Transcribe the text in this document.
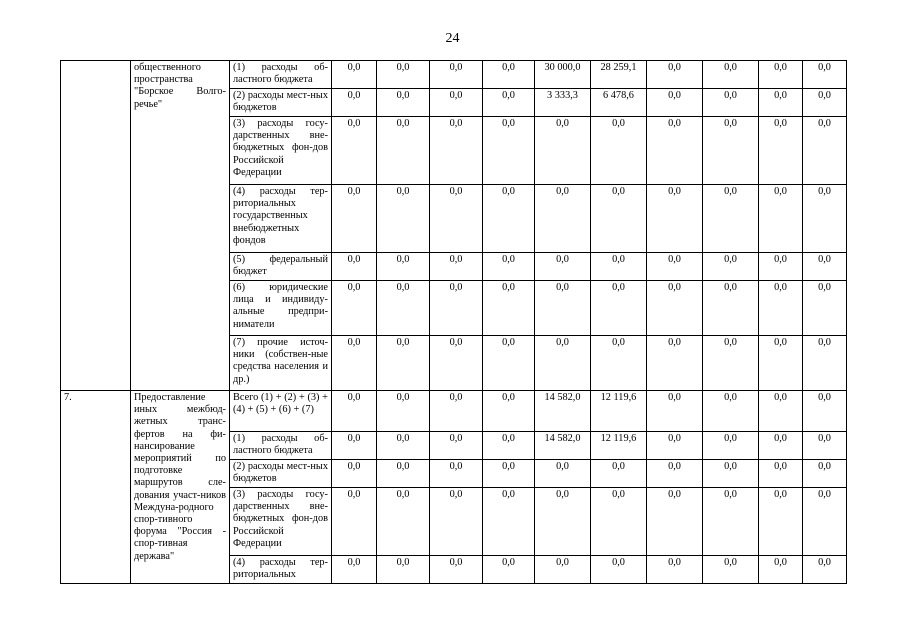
24
	общественного пространства "Борское Волго-речье"	(1) расходы об-ластного бюджета	0,0	0,0	0,0	0,0	30 000,0	28 259,1	0,0	0,0	0,0	0,0
		(2) расходы мест-ных бюджетов	0,0	0,0	0,0	0,0	3 333,3	6 478,6	0,0	0,0	0,0	0,0
		(3) расходы госу-дарственных вне-бюджетных фон-дов Российской Федерации	0,0	0,0	0,0	0,0	0,0	0,0	0,0	0,0	0,0	0,0
		(4) расходы тер-риториальных государственных внебюджетных фондов	0,0	0,0	0,0	0,0	0,0	0,0	0,0	0,0	0,0	0,0
		(5) федеральный бюджет	0,0	0,0	0,0	0,0	0,0	0,0	0,0	0,0	0,0	0,0
		(6) юридические лица и индивиду-альные предпри-ниматели	0,0	0,0	0,0	0,0	0,0	0,0	0,0	0,0	0,0	0,0
		(7) прочие источ-ники (собствен-ные средства населения и др.)	0,0	0,0	0,0	0,0	0,0	0,0	0,0	0,0	0,0	0,0
7.	Предоставление иных межбюд-жетных транс-фертов на фи-нансирование мероприятий по подготовке маршрутов сле-дования участ-ников Междуна-родного спор-тивного форума "Россия - спор-тивная держава"	Всего (1) + (2) + (3) + (4) + (5) + (6) + (7)	0,0	0,0	0,0	0,0	14 582,0	12 119,6	0,0	0,0	0,0	0,0
		(1) расходы об-ластного бюджета	0,0	0,0	0,0	0,0	14 582,0	12 119,6	0,0	0,0	0,0	0,0
		(2) расходы мест-ных бюджетов	0,0	0,0	0,0	0,0	0,0	0,0	0,0	0,0	0,0	0,0
		(3) расходы госу-дарственных вне-бюджетных фон-дов Российской Федерации	0,0	0,0	0,0	0,0	0,0	0,0	0,0	0,0	0,0	0,0
		(4) расходы тер-риториальных	0,0	0,0	0,0	0,0	0,0	0,0	0,0	0,0	0,0	0,0
